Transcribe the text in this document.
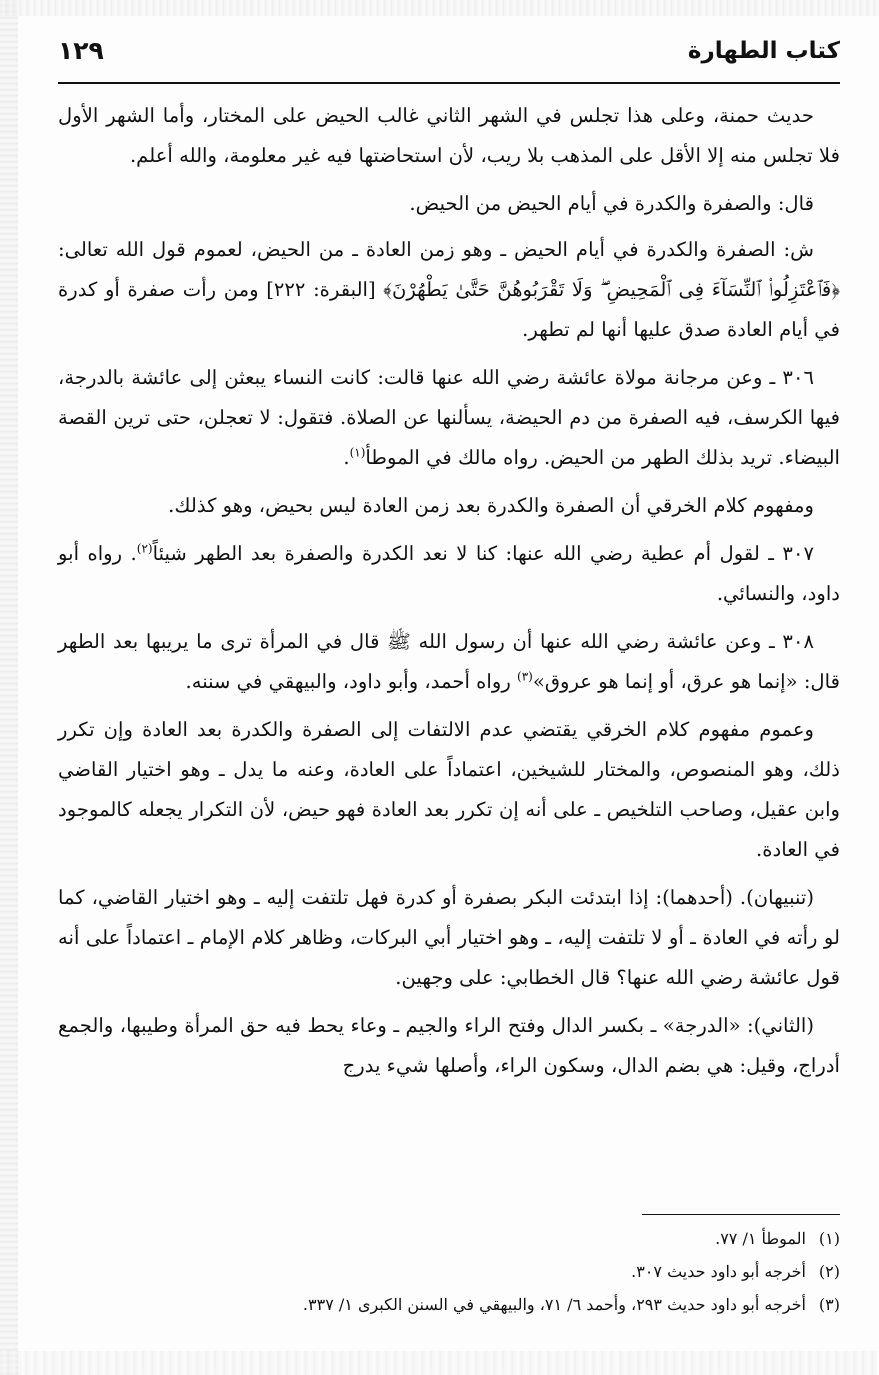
كتاب الطهارة
١٢٩

حديث حمنة، وعلى هذا تجلس في الشهر الثاني غالب الحيض على المختار، وأما الشهر الأول فلا تجلس منه إلا الأقل على المذهب بلا ريب، لأن استحاضتها فيه غير معلومة، والله أعلم.

قال: والصفرة والكدرة في أيام الحيض من الحيض.

ش: الصفرة والكدرة في أيام الحيض ـ وهو زمن العادة ـ من الحيض، لعموم قول الله تعالى: ﴿فَٱعْتَزِلُوا۟ ٱلنِّسَآءَ فِى ٱلْمَحِيضِ ۖ وَلَا تَقْرَبُوهُنَّ حَتَّىٰ يَطْهُرْنَ﴾ [البقرة: ٢٢٢] ومن رأت صفرة أو كدرة في أيام العادة صدق عليها أنها لم تطهر.

٣٠٦ ـ وعن مرجانة مولاة عائشة رضي الله عنها قالت: كانت النساء يبعثن إلى عائشة بالدرجة، فيها الكرسف، فيه الصفرة من دم الحيضة، يسألنها عن الصلاة. فتقول: لا تعجلن، حتى ترين القصة البيضاء. تريد بذلك الطهر من الحيض. رواه مالك في الموطأ$^{(١)}$.

ومفهوم كلام الخرقي أن الصفرة والكدرة بعد زمن العادة ليس بحيض، وهو كذلك.

٣٠٧ ـ لقول أم عطية رضي الله عنها: كنا لا نعد الكدرة والصفرة بعد الطهر شيئاً$^{(٢)}$. رواه أبو داود، والنسائي.

٣٠٨ ـ وعن عائشة رضي الله عنها أن رسول الله ﷺ قال في المرأة ترى ما يريبها بعد الطهر قال: «إنما هو عرق، أو إنما هو عروق»$^{(٣)}$ رواه أحمد، وأبو داود، والبيهقي في سننه.

وعموم مفهوم كلام الخرقي يقتضي عدم الالتفات إلى الصفرة والكدرة بعد العادة وإن تكرر ذلك، وهو المنصوص، والمختار للشيخين، اعتماداً على العادة، وعنه ما يدل ـ وهو اختيار القاضي وابن عقيل، وصاحب التلخيص ـ على أنه إن تكرر بعد العادة فهو حيض، لأن التكرار يجعله كالموجود في العادة.

(تنبيهان). (أحدهما): إذا ابتدئت البكر بصفرة أو كدرة فهل تلتفت إليه ـ وهو اختيار القاضي، كما لو رأته في العادة ـ أو لا تلتفت إليه، ـ وهو اختيار أبي البركات، وظاهر كلام الإمام ـ اعتماداً على أنه قول عائشة رضي الله عنها؟ قال الخطابي: على وجهين.

(الثاني): «الدرجة» ـ بكسر الدال وفتح الراء والجيم ـ وعاء يحط فيه حق المرأة وطيبها، والجمع أدراج، وقيل: هي بضم الدال، وسكون الراء، وأصلها شيء يدرج

(١)الموطأ ١/ ٧٧.

(٢)أخرجه أبو داود حديث ٣٠٧.

(٣)أخرجه أبو داود حديث ٢٩٣، وأحمد ٦/ ٧١، والبيهقي في السنن الكبرى ١/ ٣٣٧.
